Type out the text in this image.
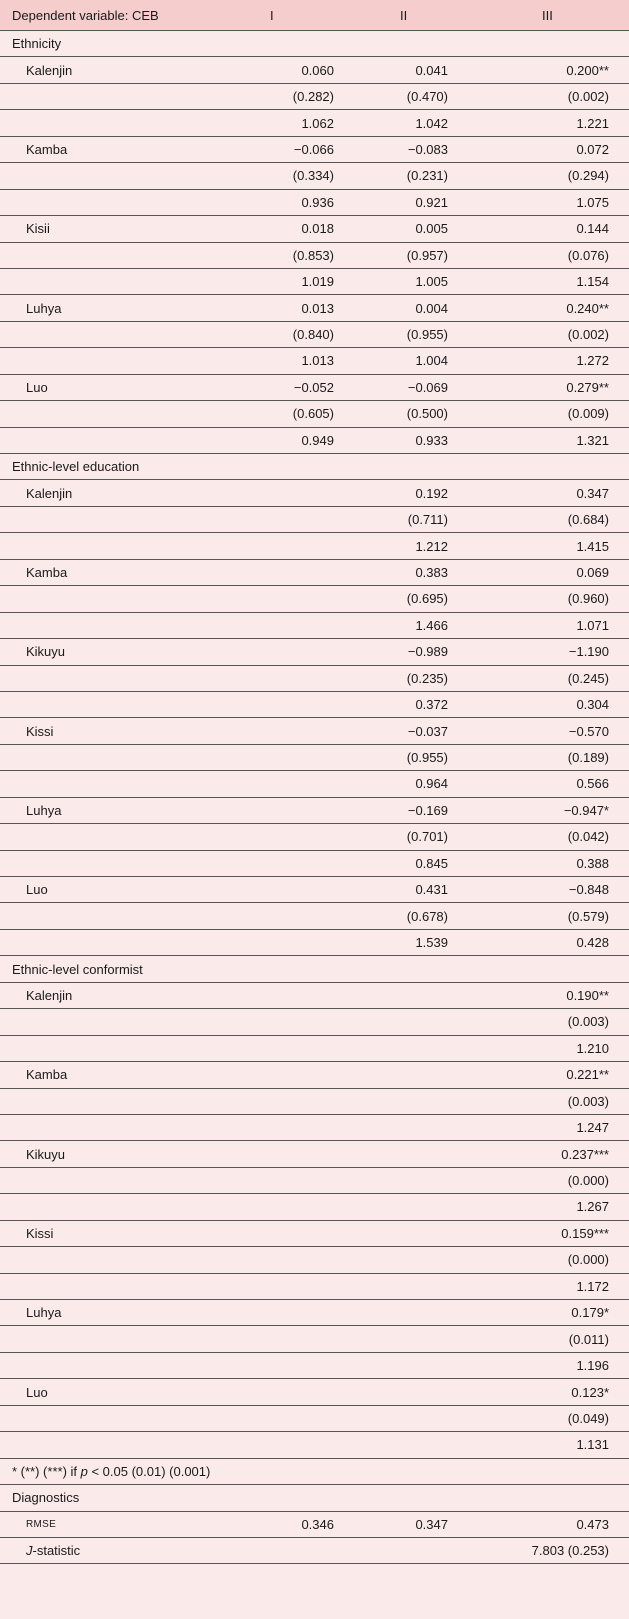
Dependent variable: CEB	I	II	III
Ethnicity			
Kalenjin	0.060	0.041	0.200**
	(0.282)	(0.470)	(0.002)
	1.062	1.042	1.221
Kamba	−0.066	−0.083	0.072
	(0.334)	(0.231)	(0.294)
	0.936	0.921	1.075
Kisii	0.018	0.005	0.144
	(0.853)	(0.957)	(0.076)
	1.019	1.005	1.154
Luhya	0.013	0.004	0.240**
	(0.840)	(0.955)	(0.002)
	1.013	1.004	1.272
Luo	−0.052	−0.069	0.279**
	(0.605)	(0.500)	(0.009)
	0.949	0.933	1.321
Ethnic-level education			
Kalenjin		0.192	0.347
		(0.711)	(0.684)
		1.212	1.415
Kamba		0.383	0.069
		(0.695)	(0.960)
		1.466	1.071
Kikuyu		−0.989	−1.190
		(0.235)	(0.245)
		0.372	0.304
Kissi		−0.037	−0.570
		(0.955)	(0.189)
		0.964	0.566
Luhya		−0.169	−0.947*
		(0.701)	(0.042)
		0.845	0.388
Luo		0.431	−0.848
		(0.678)	(0.579)
		1.539	0.428
Ethnic-level conformist			
Kalenjin			0.190**
			(0.003)
			1.210
Kamba			0.221**
			(0.003)
			1.247
Kikuyu			0.237***
			(0.000)
			1.267
Kissi			0.159***
			(0.000)
			1.172
Luhya			0.179*
			(0.011)
			1.196
Luo			0.123*
			(0.049)
			1.131
* (**) (***) if p < 0.05 (0.01) (0.001)			
Diagnostics			
RMSE	0.346	0.347	0.473
J-statistic			7.803 (0.253)
